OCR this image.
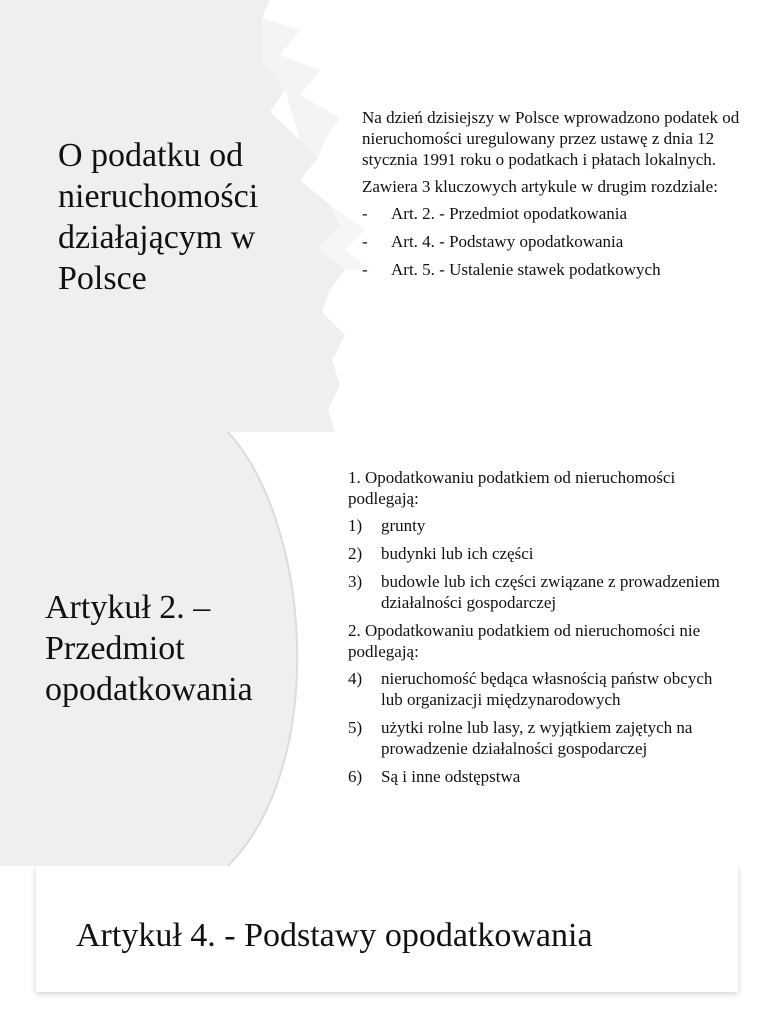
O podatku od nieruchomości działającym w Polsce

Na dzień dzisiejszy w Polsce wprowadzono podatek od nieruchomości uregulowany przez ustawę z dnia 12 stycznia 1991 roku o podatkach i płatach lokalnych.

Zawiera 3 kluczowych artykule w drugim rozdziale:

- Art. 2. - Przedmiot opodatkowania
- Art. 4. - Podstawy opodatkowania
- Art. 5. - Ustalenie stawek podatkowych
Artykuł 2. – Przedmiot opodatkowania

1. Opodatkowaniu podatkiem od nieruchomości podlegają:

1) grunty
2) budynki lub ich części
3) budowle lub ich części związane z prowadzeniem działalności gospodarczej

2. Opodatkowaniu podatkiem od nieruchomości nie podlegają:

4) nieruchomość będąca własnością państw obcych lub organizacji międzynarodowych
5) użytki rolne lub lasy, z wyjątkiem zajętych na prowadzenie działalności gospodarczej
6) Są i inne odstępstwa
Artykuł 4. - Podstawy opodatkowania
